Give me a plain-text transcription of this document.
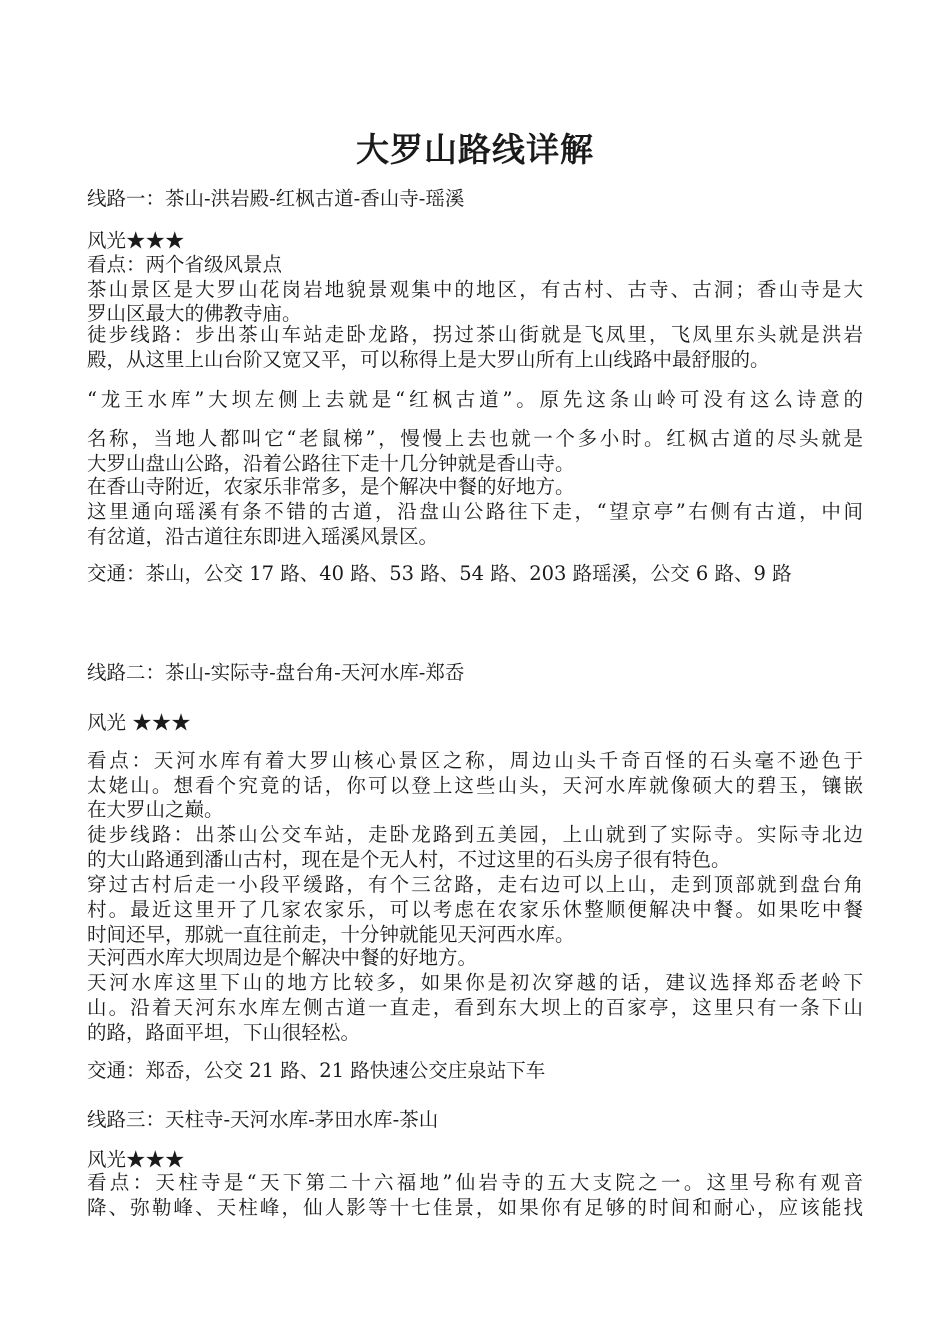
大罗山路线详解
线路一：茶山-洪岩殿-红枫古道-香山寺-瑶溪
风光★★★
看点：两个省级风景点
茶山景区是大罗山花岗岩地貌景观集中的地区，有古村、古寺、古洞；香山寺是大
罗山区最大的佛教寺庙。
徒步线路：步出茶山车站走卧龙路，拐过茶山街就是飞凤里，飞凤里东头就是洪岩
殿，从这里上山台阶又宽又平，可以称得上是大罗山所有上山线路中最舒服的。
“龙王水库”大坝左侧上去就是“红枫古道”。原先这条山岭可没有这么诗意的
名称，当地人都叫它“老鼠梯”，慢慢上去也就一个多小时。红枫古道的尽头就是
大罗山盘山公路，沿着公路往下走十几分钟就是香山寺。
在香山寺附近，农家乐非常多，是个解决中餐的好地方。
这里通向瑶溪有条不错的古道，沿盘山公路往下走，“望京亭”右侧有古道，中间
有岔道，沿古道往东即进入瑶溪风景区。
交通：茶山，公交 17 路、40 路、53 路、54 路、203 路瑶溪，公交 6 路、9 路
线路二：茶山-实际寺-盘台角-天河水库-郑岙
风光 ★★★
看点：天河水库有着大罗山核心景区之称，周边山头千奇百怪的石头毫不逊色于
太姥山。想看个究竟的话，你可以登上这些山头，天河水库就像硕大的碧玉，镶嵌
在大罗山之巅。
徒步线路：出茶山公交车站，走卧龙路到五美园，上山就到了实际寺。实际寺北边
的大山路通到潘山古村，现在是个无人村，不过这里的石头房子很有特色。
穿过古村后走一小段平缓路，有个三岔路，走右边可以上山，走到顶部就到盘台角
村。最近这里开了几家农家乐，可以考虑在农家乐休整顺便解决中餐。如果吃中餐
时间还早，那就一直往前走，十分钟就能见天河西水库。
天河西水库大坝周边是个解决中餐的好地方。
天河水库这里下山的地方比较多，如果你是初次穿越的话，建议选择郑岙老岭下
山。沿着天河东水库左侧古道一直走，看到东大坝上的百家亭，这里只有一条下山
的路，路面平坦，下山很轻松。
交通：郑岙，公交 21 路、21 路快速公交庄泉站下车
线路三：天柱寺-天河水库-茅田水库-茶山
风光★★★
看点：天柱寺是“天下第二十六福地”仙岩寺的五大支院之一。这里号称有观音
降、弥勒峰、天柱峰，仙人影等十七佳景，如果你有足够的时间和耐心，应该能找
